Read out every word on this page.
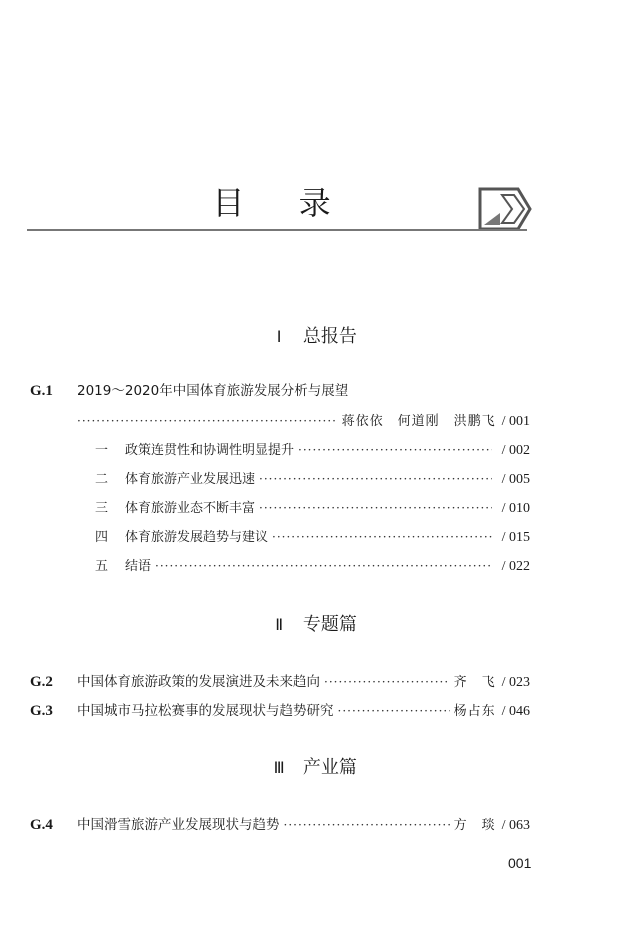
目 录
Ⅰ 总报告
G.1 2019～2020年中国体育旅游发展分析与展望
·····
蒋依依　何道刚　洪鹏飞 / 001
一	政策连贯性和协调性明显提升 ·····	/ 002
二	体育旅游产业发展迅速 ·····	/ 005
三	体育旅游业态不断丰富 ·····	/ 010
四	体育旅游发展趋势与建议 ·····	/ 015
五	结语 ·····	/ 022
Ⅱ 专题篇
G.2	中国体育旅游政策的发展演进及未来趋向 ·····	齐　飞 / 023
G.3	中国城市马拉松赛事的发展现状与趋势研究 ·····	杨占东 / 046
Ⅲ 产业篇
G.4	中国滑雪旅游产业发展现状与趋势 ·····	方　琰 / 063
001
